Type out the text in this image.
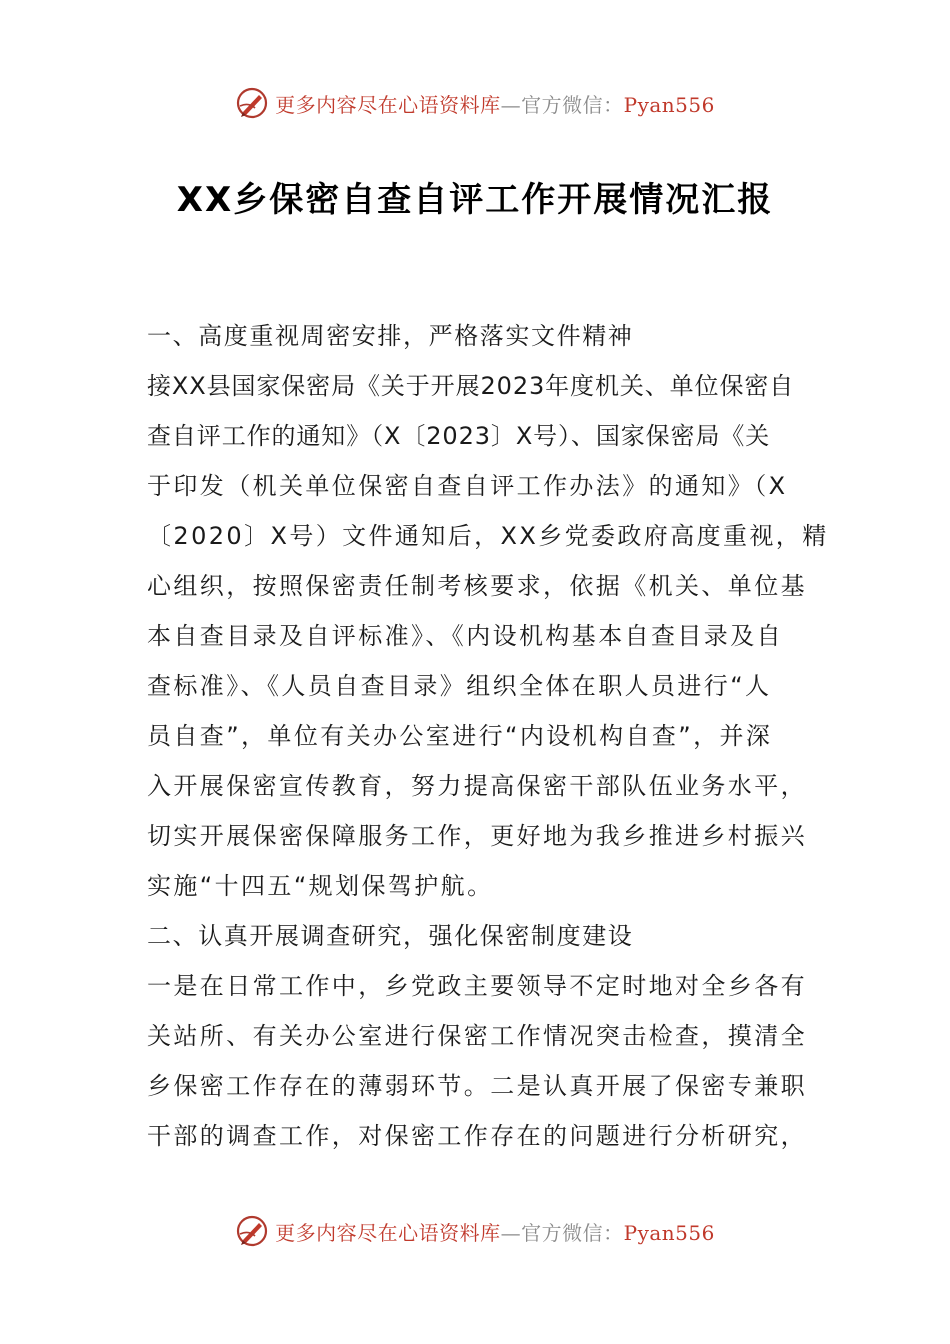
更多内容尽在心语资料库—官方微信：Pyan556
XX乡保密自查自评工作开展情况汇报
一、高度重视周密安排，严格落实文件精神
接XX县国家保密局《关于开展2023年度机关、单位保密自
查自评工作的通知》（X〔2023〕X号）、国家保密局《关
于印发（机关单位保密自查自评工作办法》的通知》（X
〔2020〕X号）文件通知后，XX乡党委政府高度重视，精
心组织，按照保密责任制考核要求，依据《机关、单位基
本自查目录及自评标准》、《内设机构基本自查目录及自
查标准》、《人员自查目录》组织全体在职人员进行“人
员自查”，单位有关办公室进行“内设机构自查”，并深
入开展保密宣传教育，努力提高保密干部队伍业务水平，
切实开展保密保障服务工作，更好地为我乡推进乡村振兴
实施“十四五“规划保驾护航。
二、认真开展调查研究，强化保密制度建设
一是在日常工作中，乡党政主要领导不定时地对全乡各有
关站所、有关办公室进行保密工作情况突击检查，摸清全
乡保密工作存在的薄弱环节。二是认真开展了保密专兼职
干部的调查工作，对保密工作存在的问题进行分析研究，
更多内容尽在心语资料库—官方微信：Pyan556
